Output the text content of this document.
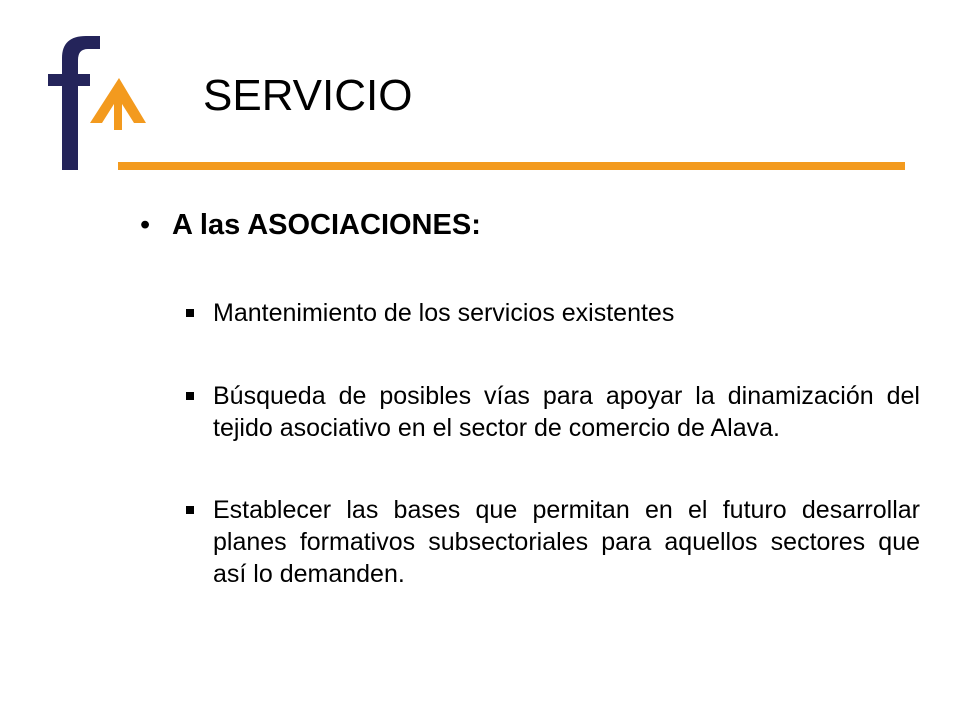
SERVICIO
• A las ASOCIACIONES:
Mantenimiento de los servicios existentes
Búsqueda de posibles vías para apoyar la dinamización del tejido asociativo en el sector de comercio de Alava.
Establecer las bases que permitan en el futuro desarrollar planes formativos subsectoriales para aquellos sectores que así lo demanden.
